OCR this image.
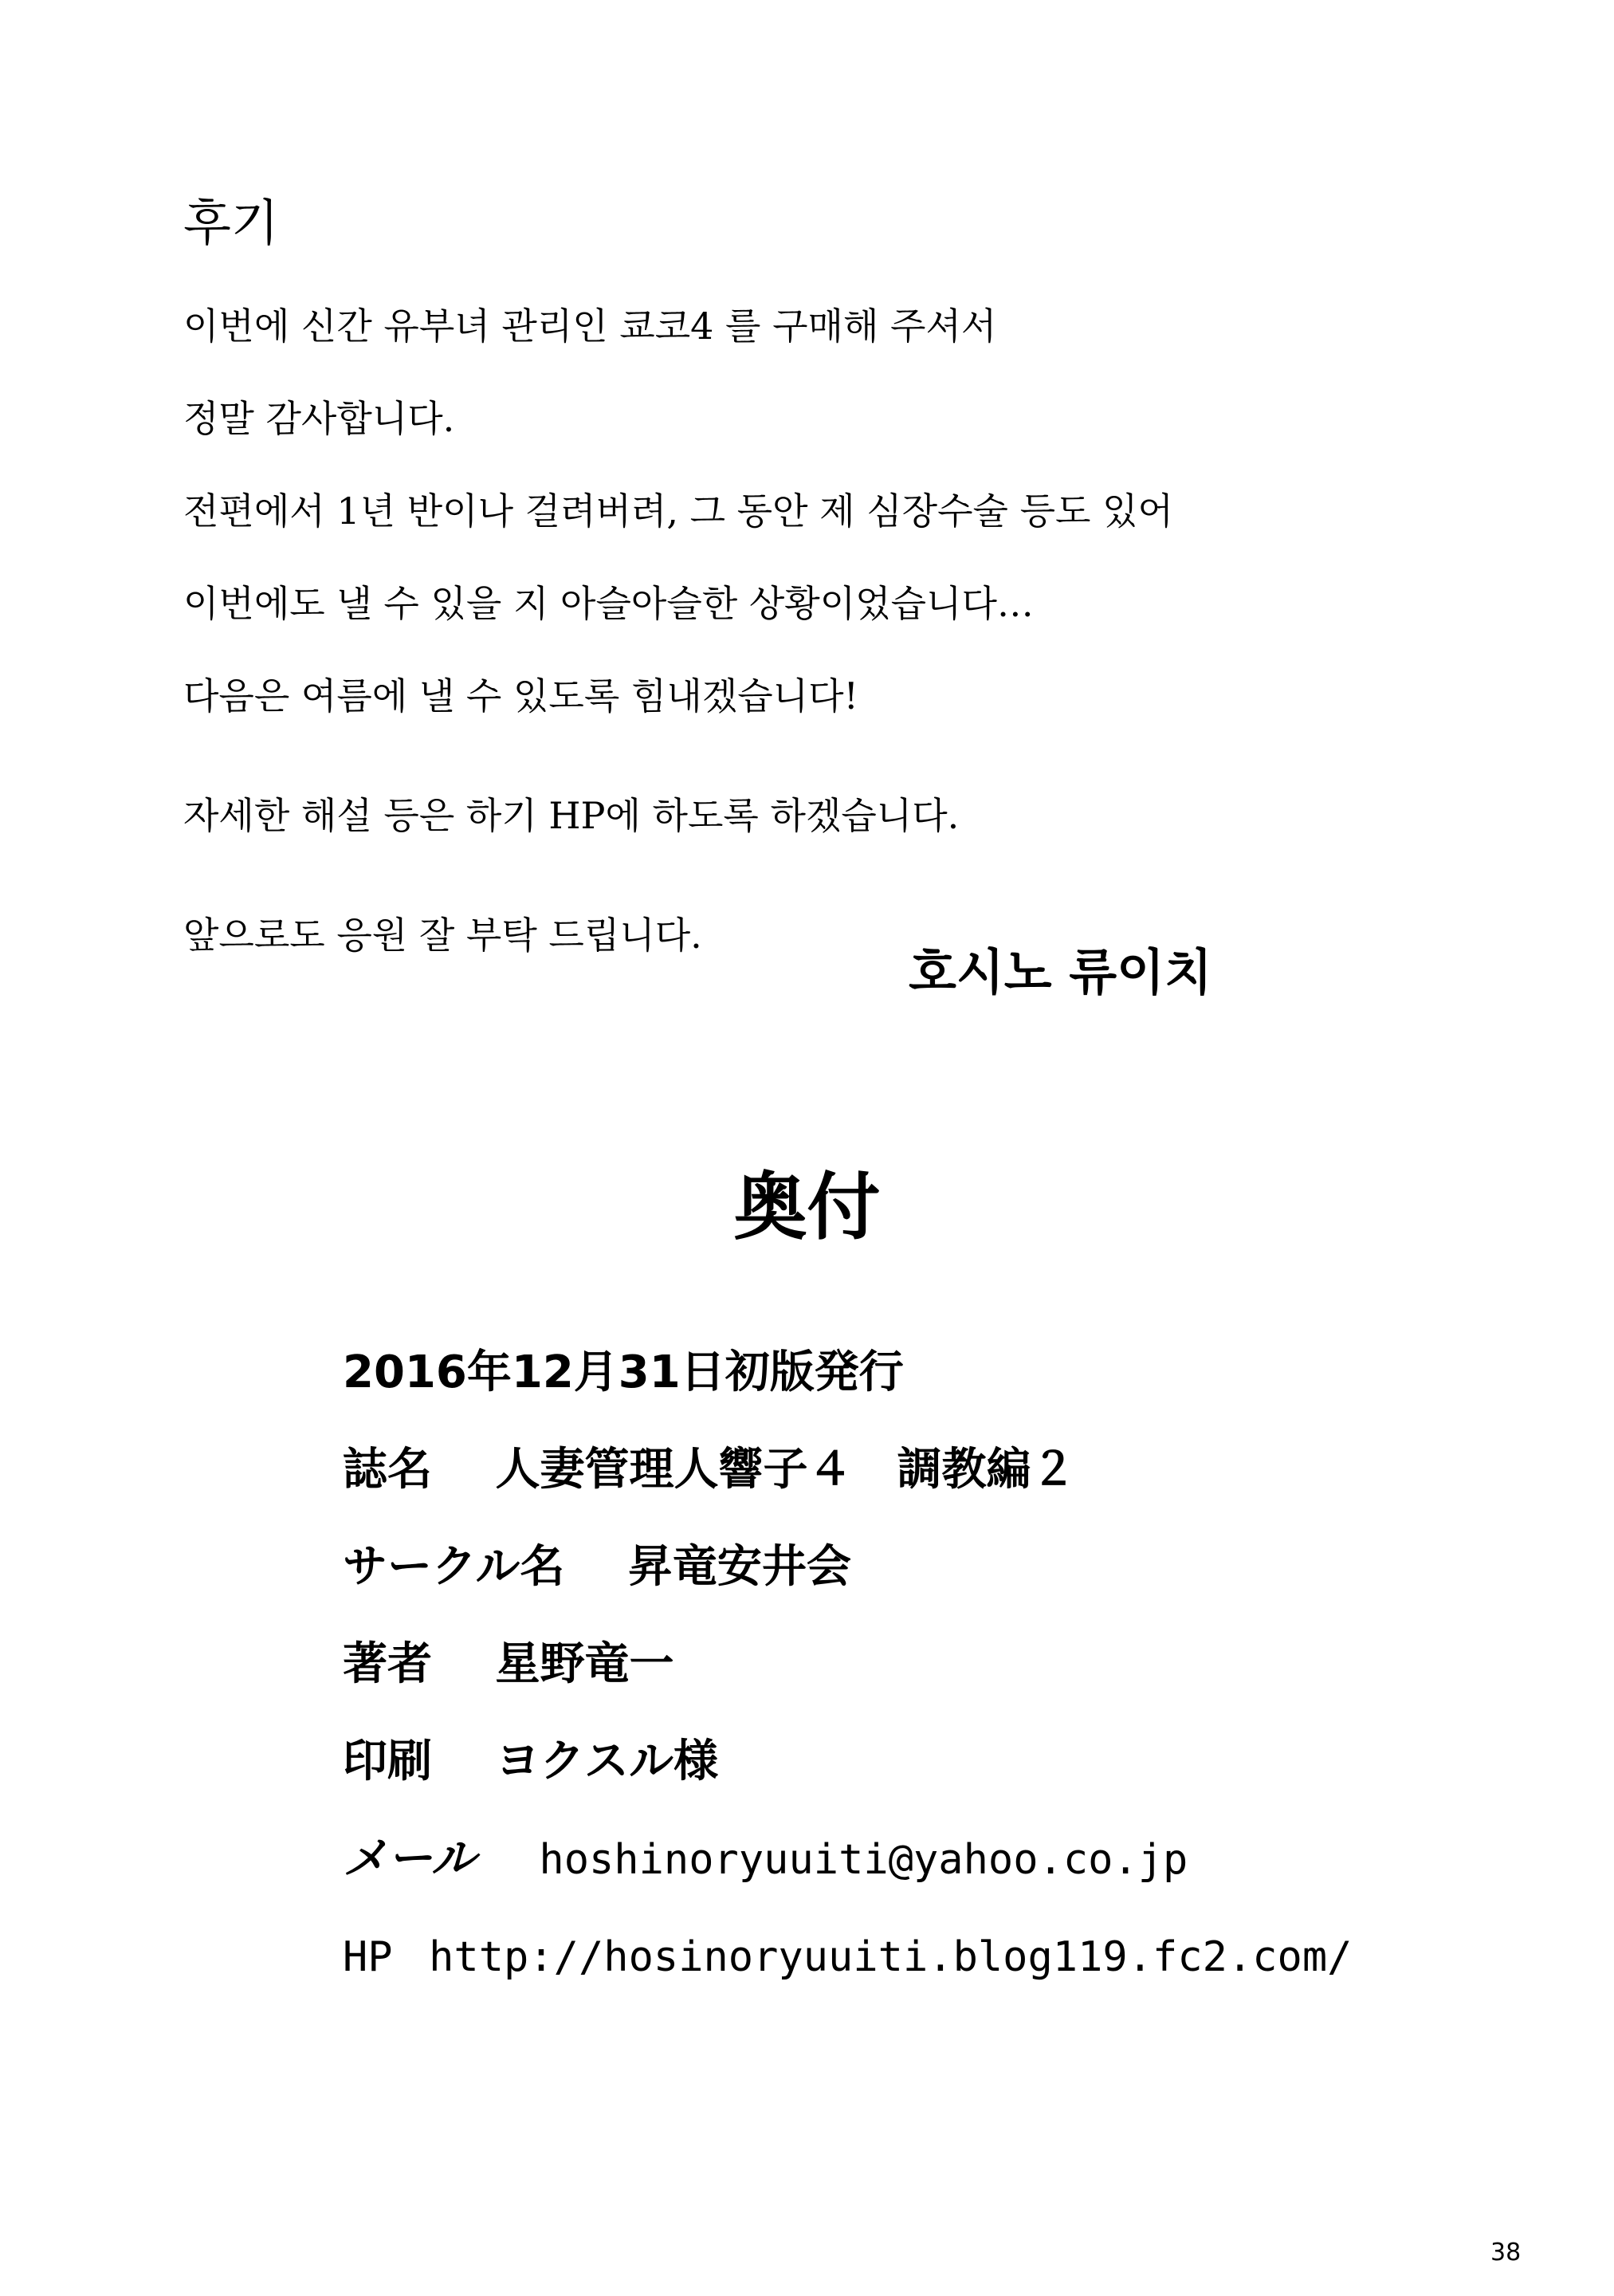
후기

이번에 신간 유부녀 관리인 쿄코4 를 구매해 주셔서

정말 감사합니다.

전편에서 1년 반이나 걸려버려, 그 동안 제 심장수술 등도 있어

이번에도 낼 수 있을 지 아슬아슬한 상황이었습니다…

다음은 여름에 낼 수 있도록 힘내겠습니다!

자세한 해설 등은 하기 HP에 하도록 하겠습니다.

앞으로도 응원 잘 부탁 드립니다.

호시노 류이치
奥付
2016年12月31日初版発行
誌名 人妻管理人響子４　調教編２
サークル名 昇竜安井会
著者 星野竜一
印刷 ヨクスル様
メール hoshinoryuuiti@yahoo.co.jp
HP http://hosinoryuuiti.blog119.fc2.com/
38
